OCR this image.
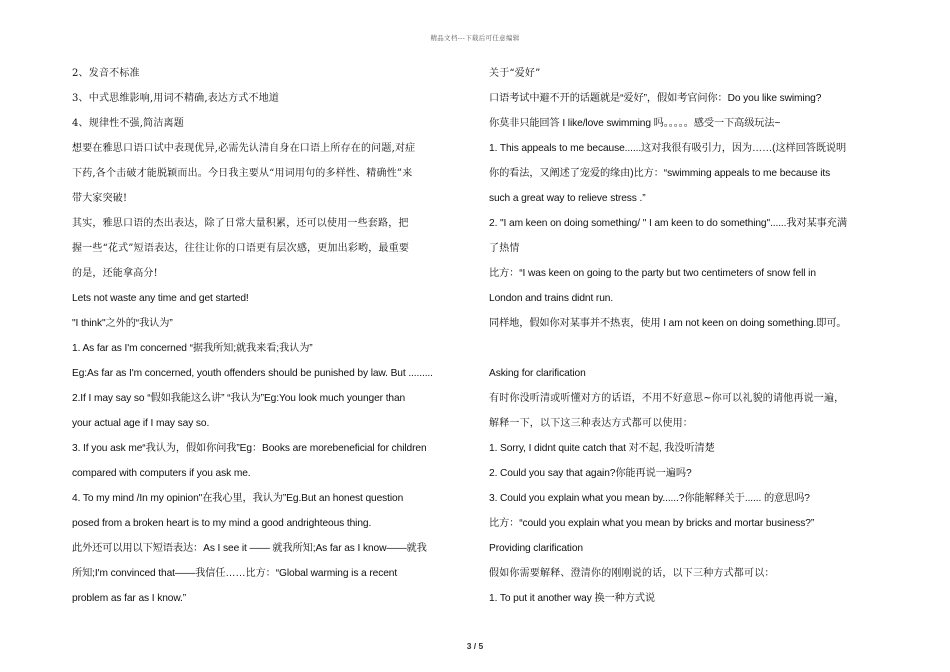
精品文档---下载后可任意编辑
2、发音不标准
3、中式思维影响,用词不精确,表达方式不地道
4、规律性不强,简洁离题
想要在雅思口语口试中表现优异,必需先认清自身在口语上所存在的问题,对症
下药,各个击破才能脱颖而出。今日我主要从“用词用句的多样性、精确性”来
带大家突破!
其实，雅思口语的杰出表达，除了日常大量积累，还可以使用一些套路，把
握一些“花式”短语表达，往往让你的口语更有层次感，更加出彩哟，最重要
的是，还能拿高分!
Lets not waste any time and get started!
"I think"之外的“我认为”
1. As far as I'm concerned “据我所知;就我来看;我认为”
Eg:As far as I'm concerned, youth offenders should be punished by law. But .........
2.If I may say so “假如我能这么讲” “我认为”Eg:You look much younger than
your actual age if I may say so.
3. If you ask me“我认为，假如你问我”Eg：Books are morebeneficial for children
compared with computers if you ask me.
4. To my mind /In my opinion"在我心里，我认为”Eg.But an honest question
posed from a broken heart is to my mind a good andrighteous thing.
此外还可以用以下短语表达：As I see it —— 就我所知;As far as I know——就我
所知;I'm convinced that——我信任……比方：“Global warming is a recent
problem as far as I know.”
关于“爱好”
口语考试中避不开的话题就是“爱好”，假如考官问你：Do you like swiming?
你莫非只能回答 I like/love swimming 吗。。。。。感受一下高级玩法~
1. This appeals to me because......这对我很有吸引力，因为……(这样回答既说明
你的看法，又阐述了宠爱的缘由)比方：“swimming appeals to me because its
such a great way to relieve stress .”
2. "I am keen on doing something/ " I am keen to do something"......我对某事充满
了热情
比方：“I was keen on going to the party but two centimeters of snow fell in
London and trains didnt run.
同样地，假如你对某事并不热衷，使用 I am not keen on doing something.即可。
Asking for clarification
有时你没听清或听懂对方的话语，不用不好意思~你可以礼貌的请他再说一遍，
解释一下，以下这三种表达方式都可以使用：
1. Sorry, I didnt quite catch that 对不起, 我没听清楚
2. Could you say that again?你能再说一遍吗?
3. Could you explain what you mean by......?你能解释关于...... 的意思吗?
比方：“could you explain what you mean by bricks and mortar business?”
Providing clarification
假如你需要解释、澄清你的刚刚说的话，以下三种方式都可以：
1. To put it another way 换一种方式说
3 / 5
